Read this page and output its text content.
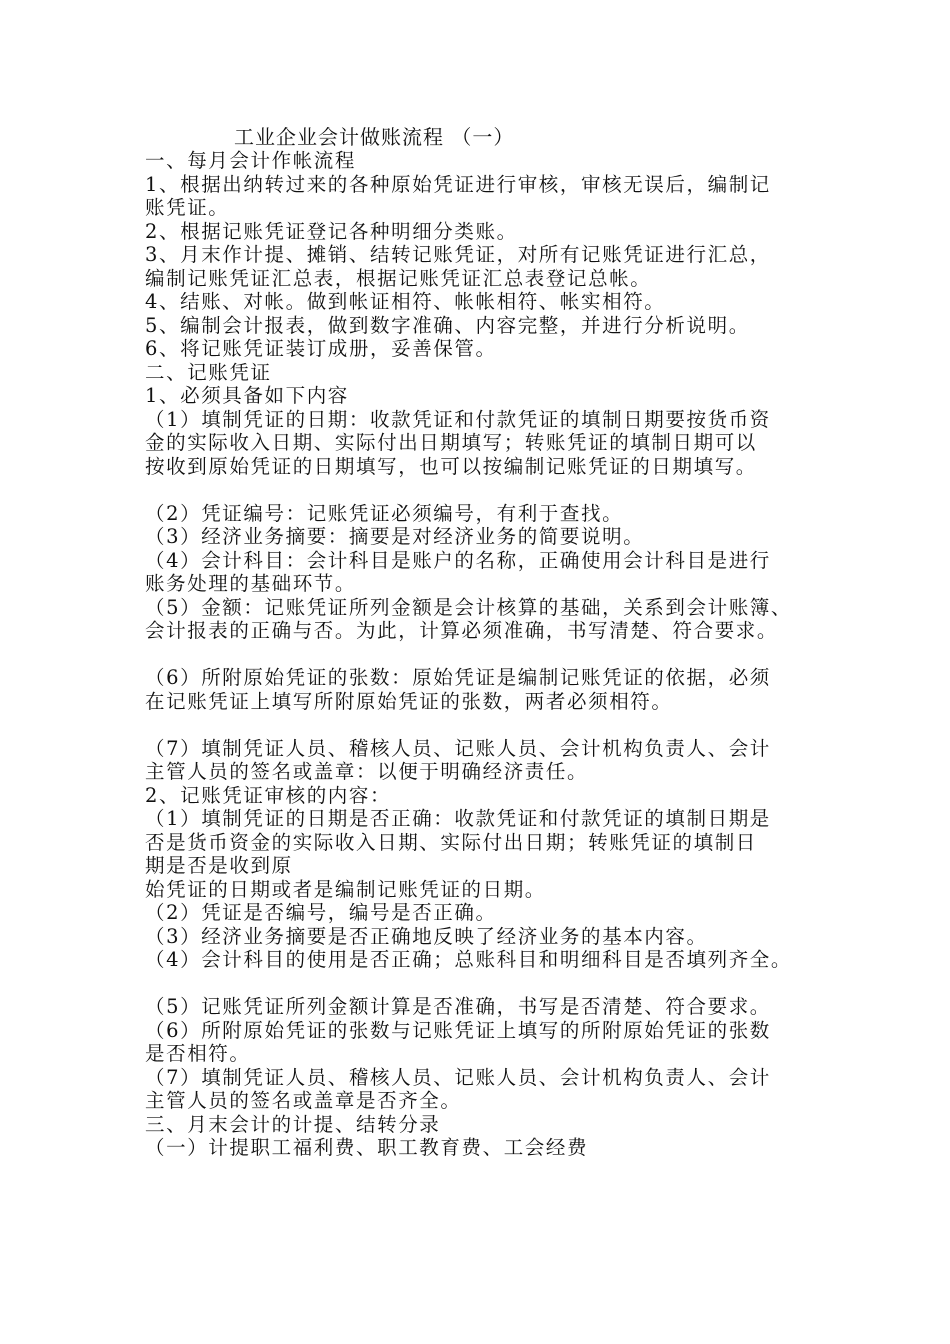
工业企业会计做账流程 （一）
一、每月会计作帐流程
1、根据出纳转过来的各种原始凭证进行审核，审核无误后，编制记
账凭证。
2、根据记账凭证登记各种明细分类账。
3、月末作计提、摊销、结转记账凭证，对所有记账凭证进行汇总，
编制记账凭证汇总表，根据记账凭证汇总表登记总帐。
4、结账、对帐。做到帐证相符、帐帐相符、帐实相符。
5、编制会计报表，做到数字准确、内容完整，并进行分析说明。
6、将记账凭证装订成册，妥善保管。
二、记账凭证
1、必须具备如下内容
（1）填制凭证的日期：收款凭证和付款凭证的填制日期要按货币资
金的实际收入日期、实际付出日期填写；转账凭证的填制日期可以
按收到原始凭证的日期填写，也可以按编制记账凭证的日期填写。
（2）凭证编号：记账凭证必须编号，有利于查找。
（3）经济业务摘要：摘要是对经济业务的简要说明。
（4）会计科目：会计科目是账户的名称，正确使用会计科目是进行
账务处理的基础环节。
（5）金额：记账凭证所列金额是会计核算的基础，关系到会计账簿、
会计报表的正确与否。为此，计算必须准确，书写清楚、符合要求。
（6）所附原始凭证的张数：原始凭证是编制记账凭证的依据，必须
在记账凭证上填写所附原始凭证的张数，两者必须相符。
（7）填制凭证人员、稽核人员、记账人员、会计机构负责人、会计
主管人员的签名或盖章：以便于明确经济责任。
2、记账凭证审核的内容：
（1）填制凭证的日期是否正确：收款凭证和付款凭证的填制日期是
否是货币资金的实际收入日期、实际付出日期；转账凭证的填制日
期是否是收到原
始凭证的日期或者是编制记账凭证的日期。
（2）凭证是否编号，编号是否正确。
（3）经济业务摘要是否正确地反映了经济业务的基本内容。
（4）会计科目的使用是否正确；总账科目和明细科目是否填列齐全。
（5）记账凭证所列金额计算是否准确，书写是否清楚、符合要求。
（6）所附原始凭证的张数与记账凭证上填写的所附原始凭证的张数
是否相符。
（7）填制凭证人员、稽核人员、记账人员、会计机构负责人、会计
主管人员的签名或盖章是否齐全。
三、月末会计的计提、结转分录
（一）计提职工福利费、职工教育费、工会经费
